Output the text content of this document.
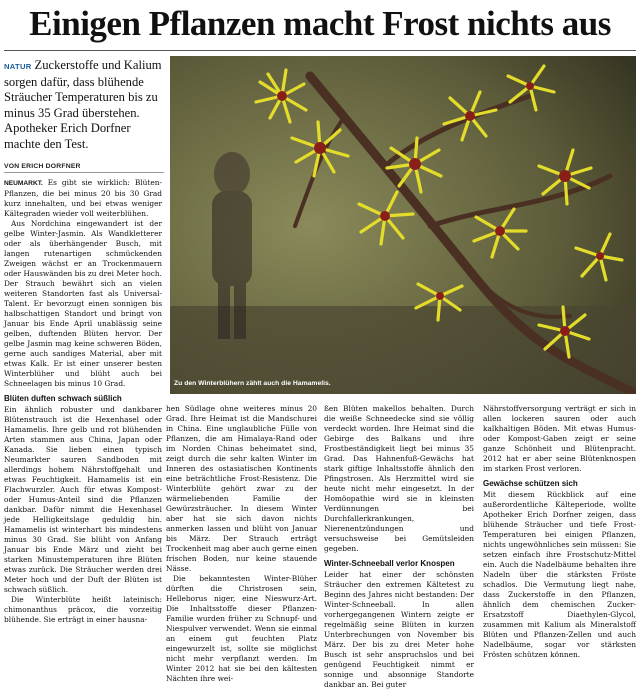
Einigen Pflanzen macht Frost nichts aus

NATUR Zuckerstoffe und Kalium sorgen dafür, dass blühende Sträucher Temperaturen bis zu minus 35 Grad überstehen. Apotheker Erich Dorfner machte den Test.

VON ERICH DORFNER

Zu den Winterblühern zählt auch die Hamamelis.

NEUMARKT. Es gibt sie wirklich: Blüten-Pflanzen, die bei minus 20 bis 30 Grad kurz innehalten, und bei etwas weniger Kältegraden wieder voll weiterblühen.

Aus Nordchina eingewandert ist der gelbe Winter-Jasmin. Als Wandkletterer oder als überhängender Busch, mit langen rutenartigen schmückenden Zweigen wächst er an Trockenmauern oder Hauswänden bis zu drei Meter hoch. Der Strauch bewährt sich an vielen weiteren Standorten fast als Universal-Talent. Er bevorzugt einen sonnigen bis halbschattigen Standort und bringt von Januar bis Ende April unablässig seine gelben, duftenden Blüten hervor. Der gelbe Jasmin mag keine schweren Böden, gerne auch sandiges Material, aber mit etwas Kalk. Er ist einer unserer besten Winterblüher und blüht auch bei Schneelagen bis minus 10 Grad.

Blüten duften schwach süßlich

Ein ähnlich robuster und dankbarer Blütenstrauch ist die Hexenhasel oder Hamamelis. Ihre gelb und rot blühenden Arten stammen aus China, Japan oder Kanada. Sie lieben einen typisch Neumarkter sauren Sandboden mit allerdings hohem Nährstoffgehalt und etwas Feuchtigkeit. Hamamelis ist ein Flachwurzler. Auch für etwas Kompost- oder Humus-Anteil sind die Pflanzen dankbar. Dafür nimmt die Hexenhasel jede Helligkeitslage geduldig hin. Hamamelis ist winterhart bis mindestens minus 30 Grad. Sie blüht von Anfang Januar bis Ende März und zieht bei starken Minustemperaturen ihre Blüten etwas zurück. Die Sträucher werden drei Meter hoch und der Duft der Blüten ist schwach süßlich.

Die Winterblüte heißt lateinisch: chimonanthus präcox, die vorzeitig blühende. Sie erträgt in einer hausna-

hen Südlage ohne weiteres minus 20 Grad. Ihre Heimat ist die Mandschurei in China. Eine unglaubliche Fülle von Pflanzen, die am Himalaya-Rand oder im Norden Chinas beheimatet sind, zeigt durch die sehr kalten Winter im Inneren des ostasiatischen Kontinents eine beträchtliche Frost-Resistenz. Die Winterblüte gehört zwar zu der wärmeliebenden Familie der Gewürzsträucher. In diesem Winter aber hat sie sich davon nichts anmerken lassen und blüht von Januar bis März. Der Strauch erträgt Trockenheit mag aber auch gerne einen frischen Boden, nur keine stauende Nässe.

Die bekanntesten Winter-Blüher dürften die Christrosen sein, Helleborus niger, eine Nieswurz-Art. Die Inhaltsstoffe dieser Pflanzen-Familie wurden früher zu Schnupf- und Niespulver verwendet. Wenn sie einmal an einem gut feuchten Platz eingewurzelt ist, sollte sie möglichst nicht mehr verpflanzt werden. Im Winter 2012 hat sie bei den kältesten Nächten ihre wei-

ßen Blüten makellos behalten. Durch die weiße Schneedecke sind sie völlig verdeckt worden. Ihre Heimat sind die Gebirge des Balkans und ihre Frostbeständigkeit liegt bei minus 35 Grad. Das Hahnenfuß-Gewächs hat stark giftige Inhaltsstoffe ähnlich den Pfingstrosen. Als Herzmittel wird sie heute nicht mehr eingesetzt. In der Homöopathie wird sie in kleinsten Verdünnungen bei Durchfallerkrankungen, Nierenentzündungen und versuchsweise bei Gemütsleiden gegeben.

Winter-Schneeball verlor Knospen

Leider hat einer der schönsten Sträucher den extremen Kältetest zu Beginn des Jahres nicht bestanden: Der Winter-Schneeball. In allen vorhergegangenen Wintern zeigte er regelmäßig seine Blüten in kurzen Unterbrechungen von November bis März. Der bis zu drei Meter hohe Busch ist sehr anspruchslos und bei genügend Feuchtigkeit nimmt er sonnige und absonnige Standorte dankbar an. Bei guter

Nährstoffversorgung verträgt er sich in allen lockeren sauren oder auch kalkhaltigen Böden. Mit etwas Humus- oder Kompost-Gaben zeigt er seine ganze Schönheit und Blütenpracht. 2012 hat er aber seine Blütenknospen im starken Frost verloren.

Gewächse schützen sich

Mit diesem Rückblick auf eine außerordentliche Kälteperiode, wollte Apotheker Erich Dorfner zeigen, dass blühende Sträucher und tiefe Frost-Temperaturen bei einigen Pflanzen, nichts ungewöhnliches sein müssen: Sie setzen einfach ihre Frostschutz-Mittel ein. Auch die Nadelbäume behalten ihre Nadeln über die stärksten Fröste schadlos. Die Vermutung liegt nahe, dass Zuckerstoffe in den Pflanzen, ähnlich dem chemischen Zucker-Ersatzstoff Diaethylen-Glycol, zusammen mit Kalium als Mineralstoff Blüten und Pflanzen-Zellen und auch Nadelbäume, sogar vor stärksten Frösten schützen können.
